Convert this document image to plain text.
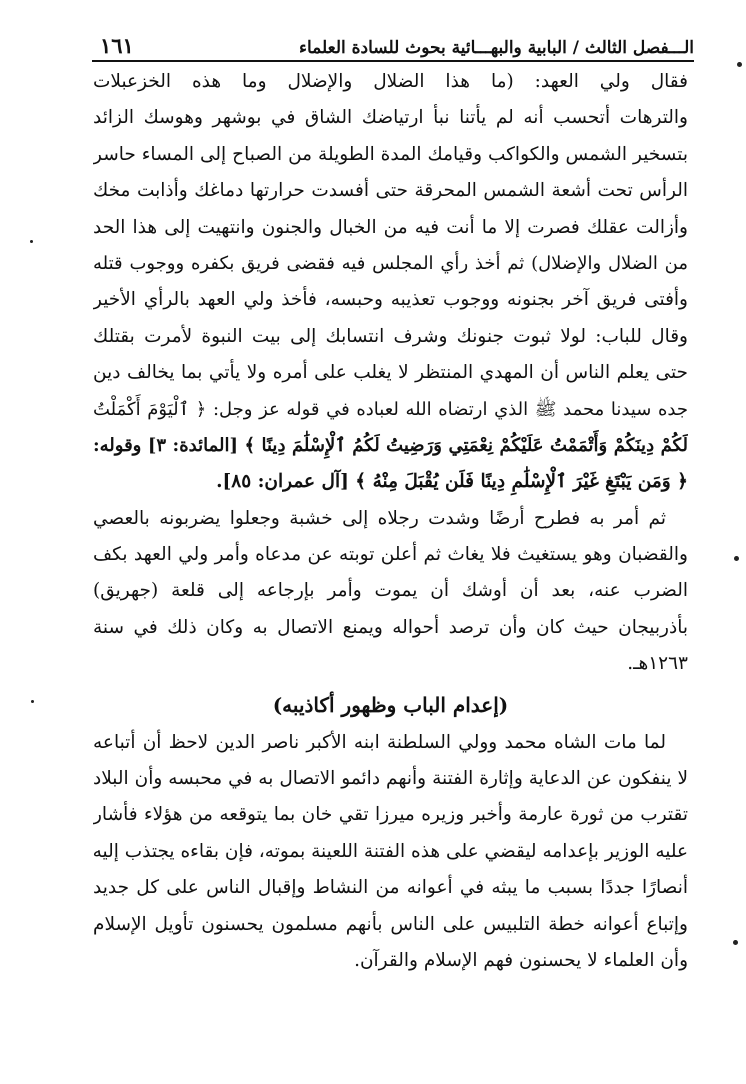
الـــفصل الثالث / البابية والبهـــائية بحوث للسادة العلماء
١٦١
فقال ولي العهد: (ما هذا الضلال والإضلال وما هذه الخزعبلات
والترهات أتحسب أنه لم يأتنا نبأ ارتياضك الشاق في بوشهر وهوسك الزائد
بتسخير الشمس والكواكب وقيامك المدة الطويلة من الصباح إلى المساء حاسر
الرأس تحت أشعة الشمس المحرقة حتى أفسدت حرارتها دماغك وأذابت مخك
وأزالت عقلك فصرت إلا ما أنت فيه من الخبال والجنون وانتهيت إلى هذا الحد
من الضلال والإضلال) ثم أخذ رأي المجلس فيه فقضى فريق بكفره ووجوب قتله
وأفتى فريق آخر بجنونه ووجوب تعذيبه وحبسه، فأخذ ولي العهد بالرأي الأخير
وقال للباب: لولا ثبوت جنونك وشرف انتسابك إلى بيت النبوة لأمرت بقتلك
حتى يعلم الناس أن المهدي المنتظر لا يغلب على أمره ولا يأتي بما يخالف دين
جده سيدنا محمد ﷺ الذي ارتضاه الله لعباده في قوله عز وجل: ﴿ ٱلْيَوْمَ أَكْمَلْتُ
لَكُمْ دِينَكُمْ وَأَتْمَمْتُ عَلَيْكُمْ نِعْمَتِي وَرَضِيتُ لَكُمُ ٱلْإِسْلَٰمَ دِينًا ﴾ [المائدة: ٣] وقوله:
﴿ وَمَن يَبْتَغِ غَيْرَ ٱلْإِسْلَٰمِ دِينًا فَلَن يُقْبَلَ مِنْهُ ﴾ [آل عمران: ٨٥].
ثم أمر به فطرح أرضًا وشدت رجلاه إلى خشبة وجعلوا يضربونه بالعصي
والقضبان وهو يستغيث فلا يغاث ثم أعلن توبته عن مدعاه وأمر ولي العهد بكف
الضرب عنه، بعد أن أوشك أن يموت وأمر بإرجاعه إلى قلعة (جهريق)
بأذربيجان حيث كان وأن ترصد أحواله ويمنع الاتصال به وكان ذلك في سنة
١٢٦٣هـ.
(إعدام الباب وظهور أكاذيبه)
لما مات الشاه محمد وولي السلطنة ابنه الأكبر ناصر الدين لاحظ أن أتباعه
لا ينفكون عن الدعاية وإثارة الفتنة وأنهم دائمو الاتصال به في محبسه وأن البلاد
تقترب من ثورة عارمة وأخبر وزيره ميرزا تقي خان بما يتوقعه من هؤلاء فأشار
عليه الوزير بإعدامه ليقضي على هذه الفتنة اللعينة بموته، فإن بقاءه يجتذب إليه
أنصارًا جددًا بسبب ما يبثه في أعوانه من النشاط وإقبال الناس على كل جديد
وإتباع أعوانه خطة التلبيس على الناس بأنهم مسلمون يحسنون تأويل الإسلام
وأن العلماء لا يحسنون فهم الإسلام والقرآن.
